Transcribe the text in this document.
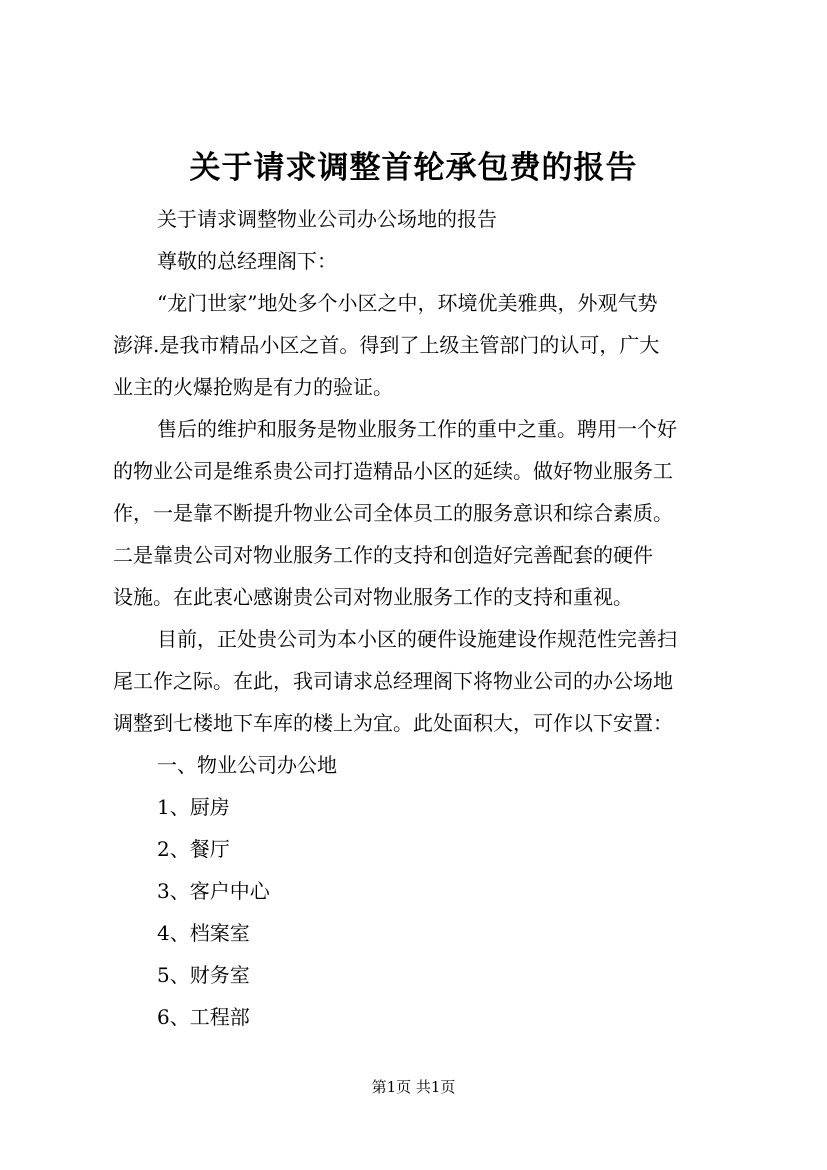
关于请求调整首轮承包费的报告
关于请求调整物业公司办公场地的报告
尊敬的总经理阁下：
“龙门世家”地处多个小区之中，环境优美雅典，外观气势
澎湃.是我市精品小区之首。得到了上级主管部门的认可，广大
业主的火爆抢购是有力的验证。
售后的维护和服务是物业服务工作的重中之重。聘用一个好
的物业公司是维系贵公司打造精品小区的延续。做好物业服务工
作，一是靠不断提升物业公司全体员工的服务意识和综合素质。
二是靠贵公司对物业服务工作的支持和创造好完善配套的硬件
设施。在此衷心感谢贵公司对物业服务工作的支持和重视。
目前，正处贵公司为本小区的硬件设施建设作规范性完善扫
尾工作之际。在此，我司请求总经理阁下将物业公司的办公场地
调整到七楼地下车库的楼上为宜。此处面积大，可作以下安置：
一、物业公司办公地
1、厨房
2、餐厅
3、客户中心
4、档案室
5、财务室
6、工程部
第1页 共1页
